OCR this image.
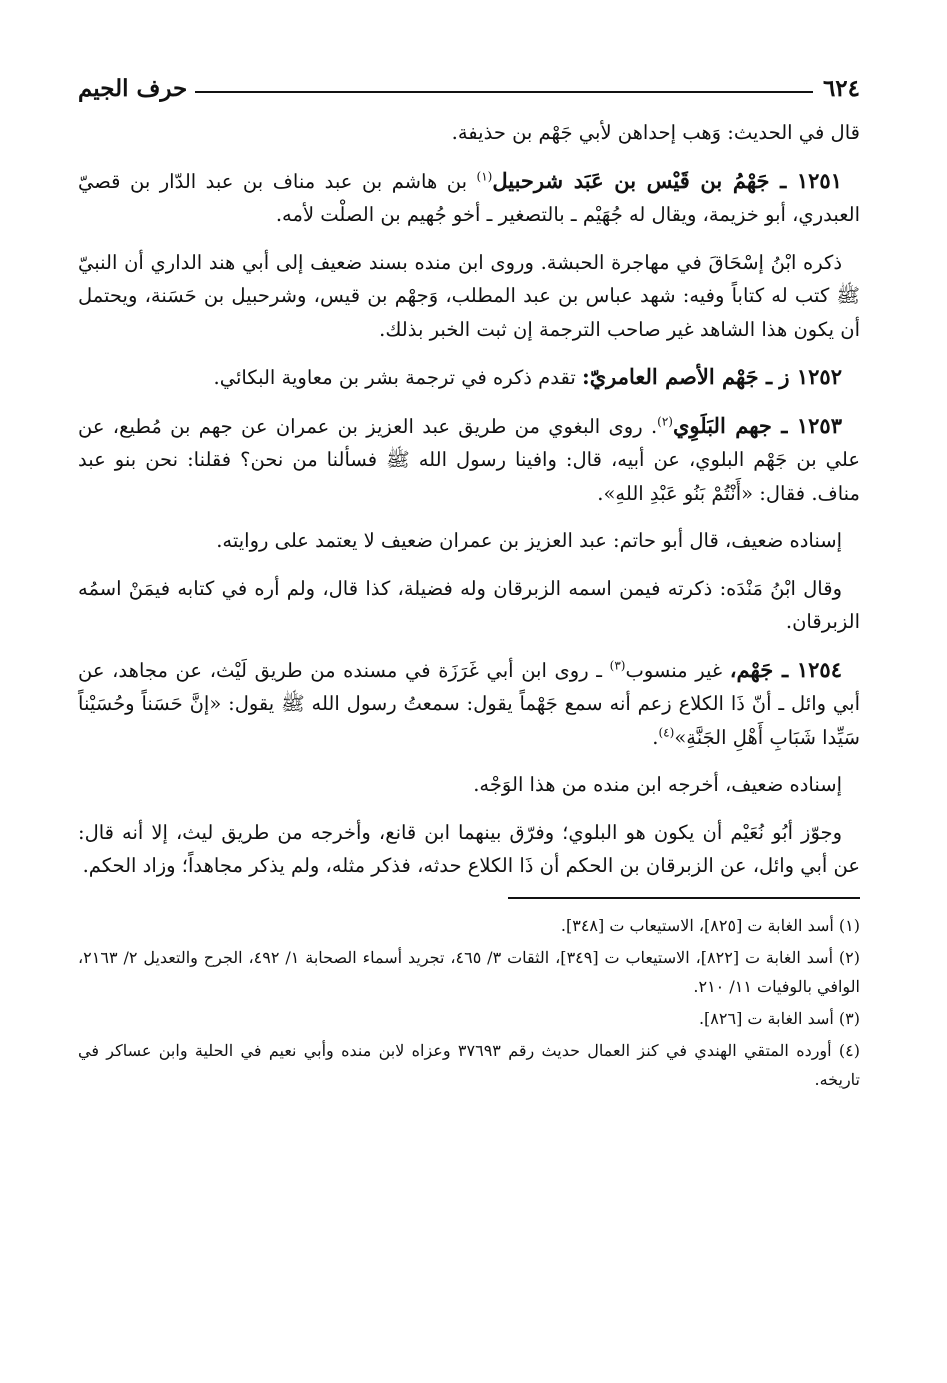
٦٢٤
حرف الجيم

قال في الحديث: وَهب إحداهن لأبي جَهْم بن حذيفة.

١٢٥١ ـ جَهْمُ بن قَيْس بن عَبَد شرحبيل$^{(١)}$ بن هاشم بن عبد مناف بن عبد الدّار بن قصيّ العبدري، أبو خزيمة، ويقال له جُهَيْم ـ بالتصغير ـ أخو جُهيم بن الصلْت لأمه.

ذكره ابْنُ إسْحَاقَ في مهاجرة الحبشة. وروى ابن منده بسند ضعيف إلى أبي هند الداري أن النبيّ ﷺ كتب له كتاباً وفيه: شهد عباس بن عبد المطلب، وَجهْم بن قيس، وشرحبيل بن حَسَنة، ويحتمل أن يكون هذا الشاهد غير صاحب الترجمة إن ثبت الخبر بذلك.

١٢٥٢ ز ـ جَهْم الأصم العامريّ: تقدم ذكره في ترجمة بشر بن معاوية البكائي.

١٢٥٣ ـ جهم البَلَوِي$^{(٢)}$. روى البغوي من طريق عبد العزيز بن عمران عن جهم بن مُطيع، عن علي بن جَهْم البلوي، عن أبيه، قال: وافينا رسول الله ﷺ فسألنا من نحن؟ فقلنا: نحن بنو عبد مناف. فقال: «أَنْتُمْ بَنُو عَبْدِ اللهِ».

إسناده ضعيف، قال أبو حاتم: عبد العزيز بن عمران ضعيف لا يعتمد على روايته.

وقال ابْنُ مَنْدَه: ذكرته فيمن اسمه الزبرقان وله فضيلة، كذا قال، ولم أره في كتابه فيمَنْ اسمُه الزبرقان.

١٢٥٤ ـ جَهْم، غير منسوب$^{(٣)}$ ـ روى ابن أبي غَرَزَة في مسنده من طريق لَيْث، عن مجاهد، عن أبي وائل ـ أنّ ذَا الكلاع زعم أنه سمع جَهْماً يقول: سمعتُ رسول الله ﷺ يقول: «إنَّ حَسَناً وحُسَيْناً سَيِّدا شَبَابِ أَهْلِ الجَنَّةِ»$^{(٤)}$.

إسناده ضعيف، أخرجه ابن منده من هذا الوَجْه.

وجوّز أبُو نُعَيْم أن يكون هو البلوي؛ وفرّق بينهما ابن قانع، وأخرجه من طريق ليث، إلا أنه قال: عن أبي وائل، عن الزبرقان بن الحكم أن ذَا الكلاع حدثه، فذكر مثله، ولم يذكر مجاهداً؛ وزاد الحكم.

(١) أسد الغابة ت [٨٢٥]، الاستيعاب ت [٣٤٨].

(٢) أسد الغابة ت [٨٢٢]، الاستيعاب ت [٣٤٩]، الثقات ٣/ ٤٦٥، تجريد أسماء الصحابة ١/ ٤٩٢، الجرح والتعديل ٢/ ٢١٦٣، الوافي بالوفيات ١١/ ٢١٠.

(٣) أسد الغابة ت [٨٢٦].

(٤) أورده المتقي الهندي في كنز العمال حديث رقم ٣٧٦٩٣ وعزاه لابن منده وأبي نعيم في الحلية وابن عساكر في تاريخه.
